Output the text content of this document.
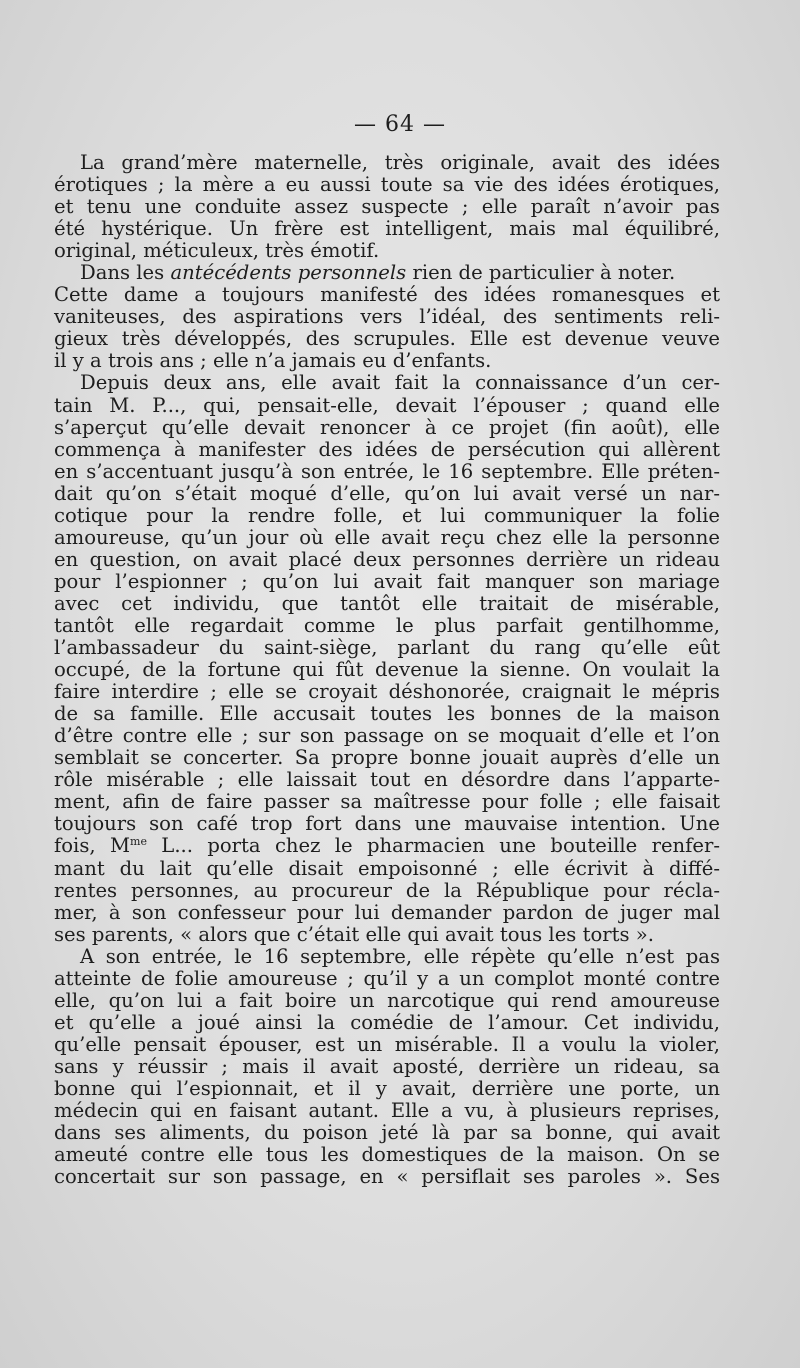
— 64 —
La grand’mère maternelle, très originale, avait des idées
érotiques ; la mère a eu aussi toute sa vie des idées érotiques,
et tenu une conduite assez suspecte ; elle paraît n’avoir pas
été hystérique. Un frère est intelligent, mais mal équilibré,
original, méticuleux, très émotif.
Dans les antécédents personnels rien de particulier à noter.
Cette dame a toujours manifesté des idées romanesques et
vaniteuses, des aspirations vers l’idéal, des sentiments reli-
gieux très développés, des scrupules. Elle est devenue veuve
il y a trois ans ; elle n’a jamais eu d’enfants.
Depuis deux ans, elle avait fait la connaissance d’un cer-
tain M. P..., qui, pensait-elle, devait l’épouser ; quand elle
s’aperçut qu’elle devait renoncer à ce projet (fin août), elle
commença à manifester des idées de persécution qui allèrent
en s’accentuant jusqu’à son entrée, le 16 septembre. Elle préten-
dait qu’on s’était moqué d’elle, qu’on lui avait versé un nar-
cotique pour la rendre folle, et lui communiquer la folie
amoureuse, qu’un jour où elle avait reçu chez elle la personne
en question, on avait placé deux personnes derrière un rideau
pour l’espionner ; qu’on lui avait fait manquer son mariage
avec cet individu, que tantôt elle traitait de misérable,
tantôt elle regardait comme le plus parfait gentilhomme,
l’ambassadeur du saint-siège, parlant du rang qu’elle eût
occupé, de la fortune qui fût devenue la sienne. On voulait la
faire interdire ; elle se croyait déshonorée, craignait le mépris
de sa famille. Elle accusait toutes les bonnes de la maison
d’être contre elle ; sur son passage on se moquait d’elle et l’on
semblait se concerter. Sa propre bonne jouait auprès d’elle un
rôle misérable ; elle laissait tout en désordre dans l’apparte-
ment, afin de faire passer sa maîtresse pour folle ; elle faisait
toujours son café trop fort dans une mauvaise intention. Une
fois, $M^{me}$ L... porta chez le pharmacien une bouteille renfer-
mant du lait qu’elle disait empoisonné ; elle écrivit à diffé-
rentes personnes, au procureur de la République pour récla-
mer, à son confesseur pour lui demander pardon de juger mal
ses parents, « alors que c’était elle qui avait tous les torts ».
A son entrée, le 16 septembre, elle répète qu’elle n’est pas
atteinte de folie amoureuse ; qu’il y a un complot monté contre
elle, qu’on lui a fait boire un narcotique qui rend amoureuse
et qu’elle a joué ainsi la comédie de l’amour. Cet individu,
qu’elle pensait épouser, est un misérable. Il a voulu la violer,
sans y réussir ; mais il avait aposté, derrière un rideau, sa
bonne qui l’espionnait, et il y avait, derrière une porte, un
médecin qui en faisant autant. Elle a vu, à plusieurs reprises,
dans ses aliments, du poison jeté là par sa bonne, qui avait
ameuté contre elle tous les domestiques de la maison. On se
concertait sur son passage, en « persiflait ses paroles ». Ses
